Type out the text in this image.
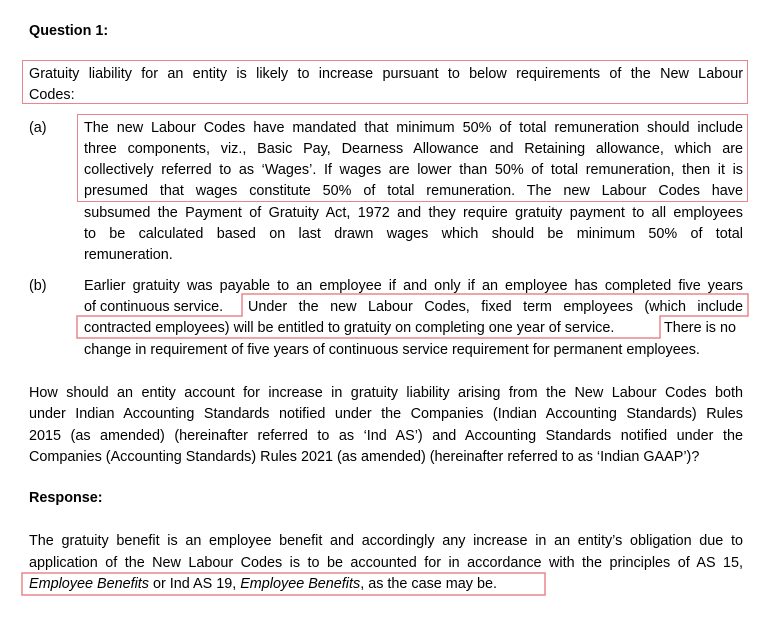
Question 1:
Gratuity liability for an entity is likely to increase pursuant to below requirements of the New Labour
Codes:
(a)	The new Labour Codes have mandated that minimum 50% of total remuneration should include
three components, viz., Basic Pay, Dearness Allowance and Retaining allowance, which are
collectively referred to as ‘Wages’. If wages are lower than 50% of total remuneration, then it is
presumed that wages constitute 50% of total remuneration. The new Labour Codes have
subsumed the Payment of Gratuity Act, 1972 and they require gratuity payment to all employees
to be calculated based on last drawn wages which should be minimum 50% of total
remuneration.
(b)	Earlier gratuity was payable to an employee if and only if an employee has completed five years
of continuous service. Under the new Labour Codes, fixed term employees (which include
contracted employees) will be entitled to gratuity on completing one year of service.	There is no
change in requirement of five years of continuous service requirement for permanent employees.
How should an entity account for increase in gratuity liability arising from the New Labour Codes both
under Indian Accounting Standards notified under the Companies (Indian Accounting Standards) Rules
2015 (as amended) (hereinafter referred to as ‘Ind AS’) and Accounting Standards notified under the
Companies (Accounting Standards) Rules 2021 (as amended) (hereinafter referred to as ‘Indian GAAP’)?
Response:
The gratuity benefit is an employee benefit and accordingly any increase in an entity’s obligation due to
application of the New Labour Codes is to be accounted for in accordance with the principles of AS 15,
Employee Benefits or Ind AS 19, Employee Benefits, as the case may be.
